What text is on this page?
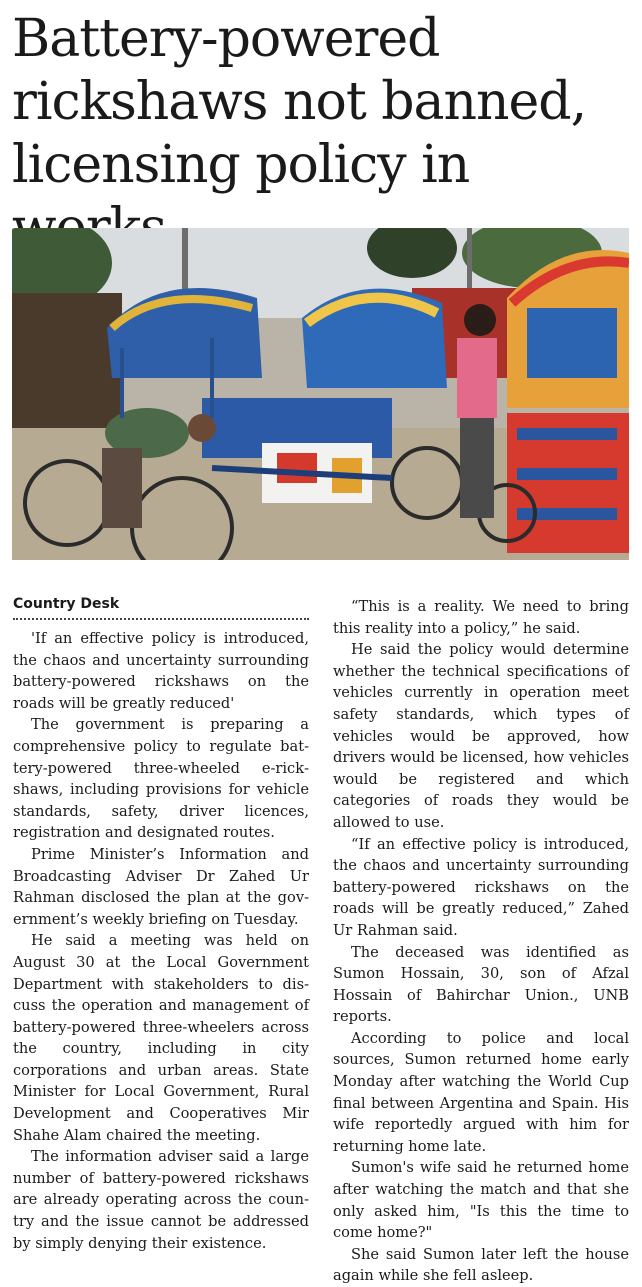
Battery-powered rickshaws not banned, licensing policy in
Country Desk

'If an effective policy is introduced, the chaos and uncertainty surrounding battery-powered rickshaws on the roads will be greatly reduced'

The government is preparing a comprehensive policy to regulate battery-powered three-wheeled e-rickshaws, including provisions for vehicle standards, safety, driver licences, registration and designated routes.

Prime Minister’s Information and Broadcasting Adviser Dr Zahed Ur Rahman disclosed the plan at the government’s weekly briefing on Tuesday.

He said a meeting was held on August 30 at the Local Government Department with stakeholders to discuss the operation and management of battery-powered three-wheelers across the country, including in city corporations and urban areas. State Minister for Local Government, Rural Development and Cooperatives Mir Shahe Alam chaired the meeting.

The information adviser said a large number of battery-powered rickshaws are already operating across the country and the issue cannot be addressed by simply denying their existence.

“This is a reality. We need to bring this reality into a policy,” he said.

He said the policy would determine whether the technical specifications of vehicles currently in operation meet safety standards, which types of vehicles would be approved, how drivers would be licensed, how vehicles would be registered and which categories of roads they would be allowed to use.

“If an effective policy is introduced, the chaos and uncertainty surrounding battery-powered rickshaws on the roads will be greatly reduced,” Zahed Ur Rahman said.

The deceased was identified as Sumon Hossain, 30, son of Afzal Hossain of Bahirchar Union., UNB reports.

According to police and local sources, Sumon returned home early Monday after watching the World Cup final between Argentina and Spain. His wife reportedly argued with him for returning home late.

Sumon's wife said he returned home after watching the match and that she only asked him, "Is this the time to come home?"

She said Sumon later left the house again while she fell asleep.
